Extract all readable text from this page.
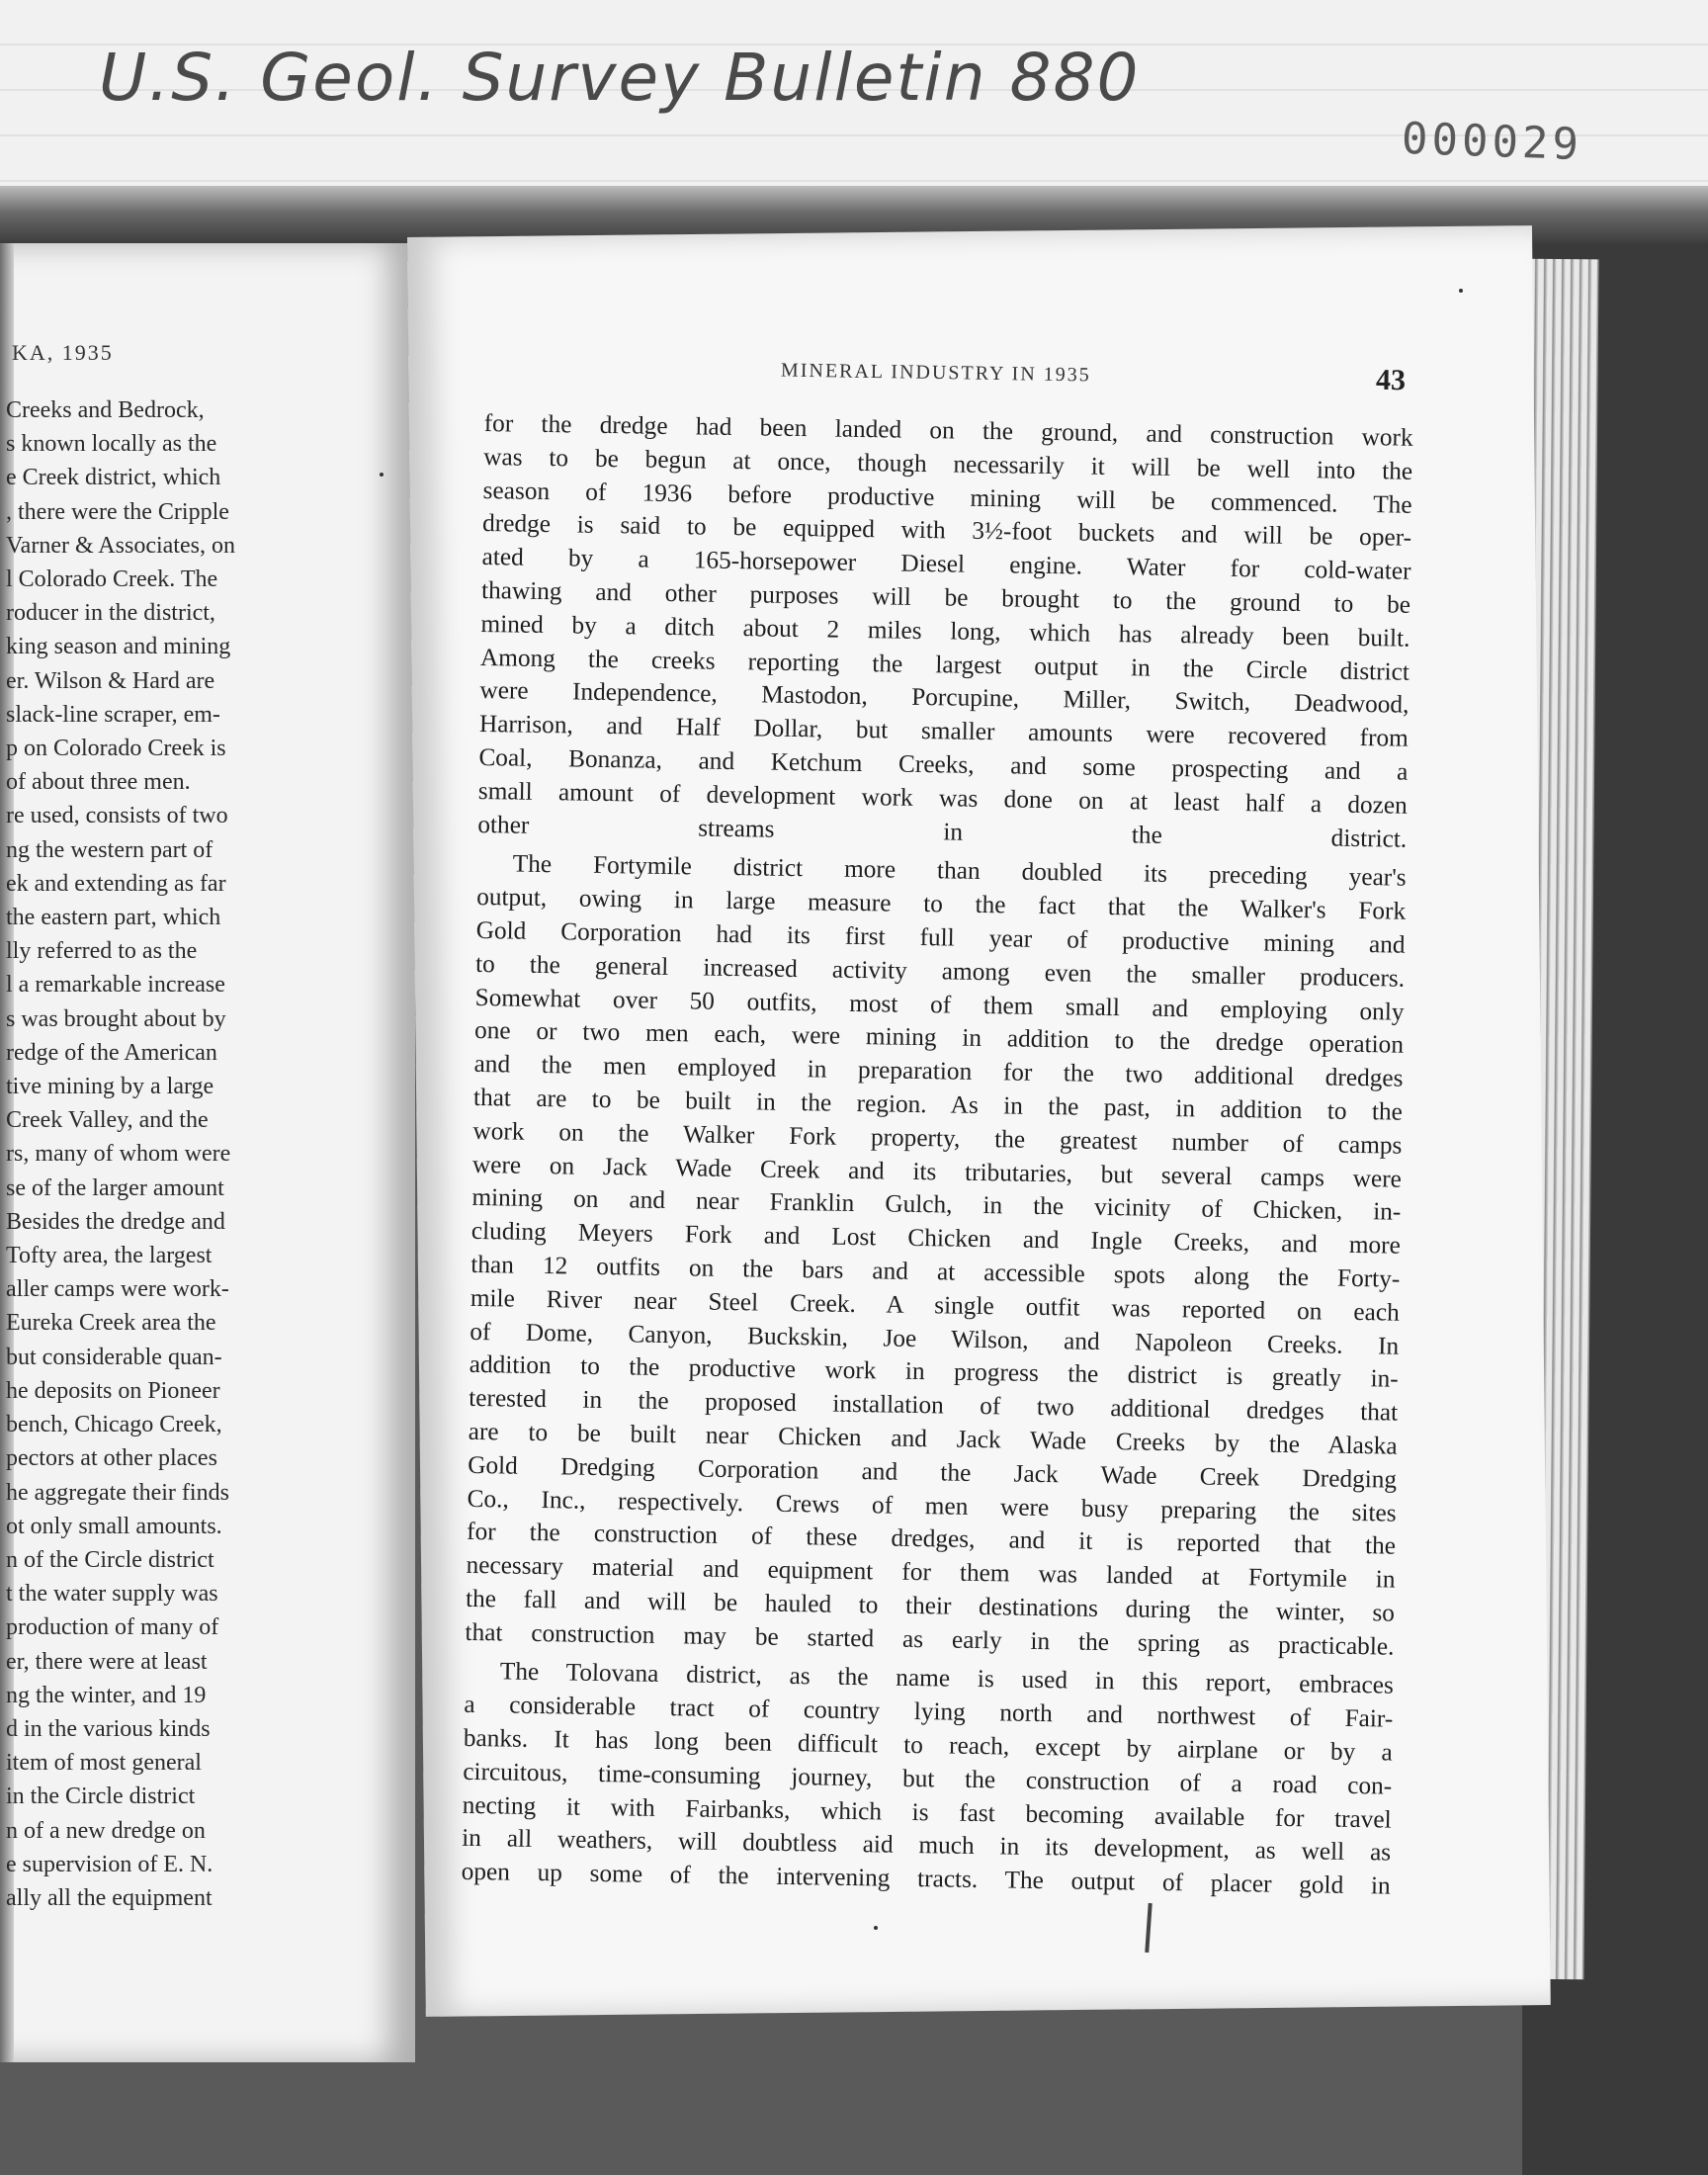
U.S. Geol. Survey Bulletin 880
000029
KA, 1935
Creeks and Bedrock,
s known locally as the
e Creek district, which
, there were the Cripple
Varner & Associates, on
l Colorado Creek. The
roducer in the district,
king season and mining
er. Wilson & Hard are
slack-line scraper, em-
p on Colorado Creek is
of about three men.
re used, consists of two
ng the western part of
ek and extending as far
the eastern part, which
lly referred to as the
l a remarkable increase
s was brought about by
redge of the American
tive mining by a large
Creek Valley, and the
rs, many of whom were
se of the larger amount
Besides the dredge and
Tofty area, the largest
aller camps were work-
Eureka Creek area the
but considerable quan-
he deposits on Pioneer
bench, Chicago Creek,
pectors at other places
he aggregate their finds
ot only small amounts.
n of the Circle district
t the water supply was
production of many of
er, there were at least
ng the winter, and 19
d in the various kinds
item of most general
in the Circle district
n of a new dredge on
e supervision of E. N.
ally all the equipment
MINERAL INDUSTRY IN 1935	43

for the dredge had been landed on the ground, and construction work
was to be begun at once, though necessarily it will be well into the
season of 1936 before productive mining will be commenced. The
dredge is said to be equipped with 3½-foot buckets and will be oper-
ated by a 165-horsepower Diesel engine. Water for cold-water
thawing and other purposes will be brought to the ground to be
mined by a ditch about 2 miles long, which has already been built.
Among the creeks reporting the largest output in the Circle district
were Independence, Mastodon, Porcupine, Miller, Switch, Deadwood,
Harrison, and Half Dollar, but smaller amounts were recovered from
Coal, Bonanza, and Ketchum Creeks, and some prospecting and a
small amount of development work was done on at least half a dozen
other streams in the district.

The Fortymile district more than doubled its preceding year's
output, owing in large measure to the fact that the Walker's Fork
Gold Corporation had its first full year of productive mining and
to the general increased activity among even the smaller producers.
Somewhat over 50 outfits, most of them small and employing only
one or two men each, were mining in addition to the dredge operation
and the men employed in preparation for the two additional dredges
that are to be built in the region. As in the past, in addition to the
work on the Walker Fork property, the greatest number of camps
were on Jack Wade Creek and its tributaries, but several camps were
mining on and near Franklin Gulch, in the vicinity of Chicken, in-
cluding Meyers Fork and Lost Chicken and Ingle Creeks, and more
than 12 outfits on the bars and at accessible spots along the Forty-
mile River near Steel Creek. A single outfit was reported on each
of Dome, Canyon, Buckskin, Joe Wilson, and Napoleon Creeks. In
addition to the productive work in progress the district is greatly in-
terested in the proposed installation of two additional dredges that
are to be built near Chicken and Jack Wade Creeks by the Alaska
Gold Dredging Corporation and the Jack Wade Creek Dredging
Co., Inc., respectively. Crews of men were busy preparing the sites
for the construction of these dredges, and it is reported that the
necessary material and equipment for them was landed at Fortymile in
the fall and will be hauled to their destinations during the winter, so
that construction may be started as early in the spring as practicable.

The Tolovana district, as the name is used in this report, embraces
a considerable tract of country lying north and northwest of Fair-
banks. It has long been difficult to reach, except by airplane or by a
circuitous, time-consuming journey, but the construction of a road con-
necting it with Fairbanks, which is fast becoming available for travel
in all weathers, will doubtless aid much in its development, as well as
open up some of the intervening tracts. The output of placer gold in
